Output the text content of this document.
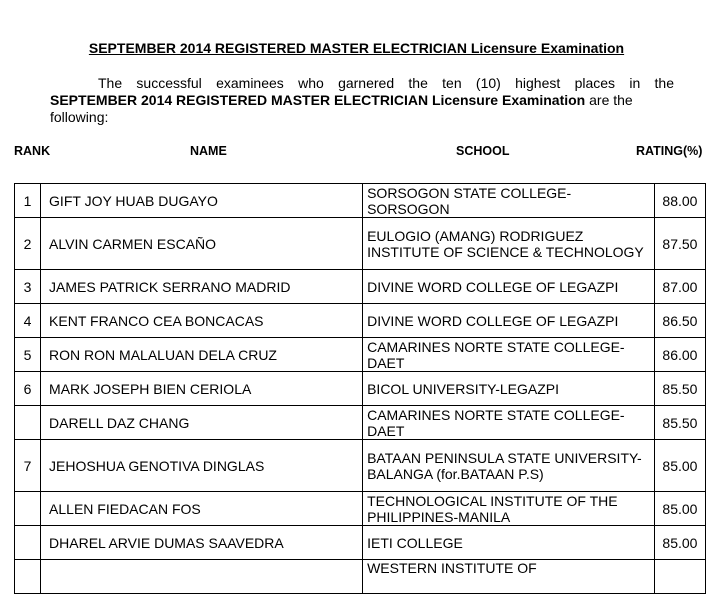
SEPTEMBER 2014 REGISTERED MASTER ELECTRICIAN Licensure Examination
The successful examinees who garnered the ten (10) highest places in the
SEPTEMBER 2014 REGISTERED MASTER ELECTRICIAN Licensure Examination are the
following:
RANK	NAME	SCHOOL	RATING(%)
1	GIFT JOY HUAB DUGAYO	SORSOGON STATE COLLEGE-SORSOGON	88.00
2	ALVIN CARMEN ESCAÑO	EULOGIO (AMANG) RODRIGUEZ INSTITUTE OF SCIENCE & TECHNOLOGY	87.50
3	JAMES PATRICK SERRANO MADRID	DIVINE WORD COLLEGE OF LEGAZPI	87.00
4	KENT FRANCO CEA BONCACAS	DIVINE WORD COLLEGE OF LEGAZPI	86.50
5	RON RON MALALUAN DELA CRUZ	CAMARINES NORTE STATE COLLEGE-DAET	86.00
6	MARK JOSEPH BIEN CERIOLA	BICOL UNIVERSITY-LEGAZPI	85.50
	DARELL DAZ CHANG	CAMARINES NORTE STATE COLLEGE-DAET	85.50
7	JEHOSHUA GENOTIVA DINGLAS	BATAAN PENINSULA STATE UNIVERSITY-BALANGA (for.BATAAN P.S)	85.00
	ALLEN FIEDACAN FOS	TECHNOLOGICAL INSTITUTE OF THE PHILIPPINES-MANILA	85.00
	DHAREL ARVIE DUMAS SAAVEDRA	IETI COLLEGE	85.00
		WESTERN INSTITUTE OF	
